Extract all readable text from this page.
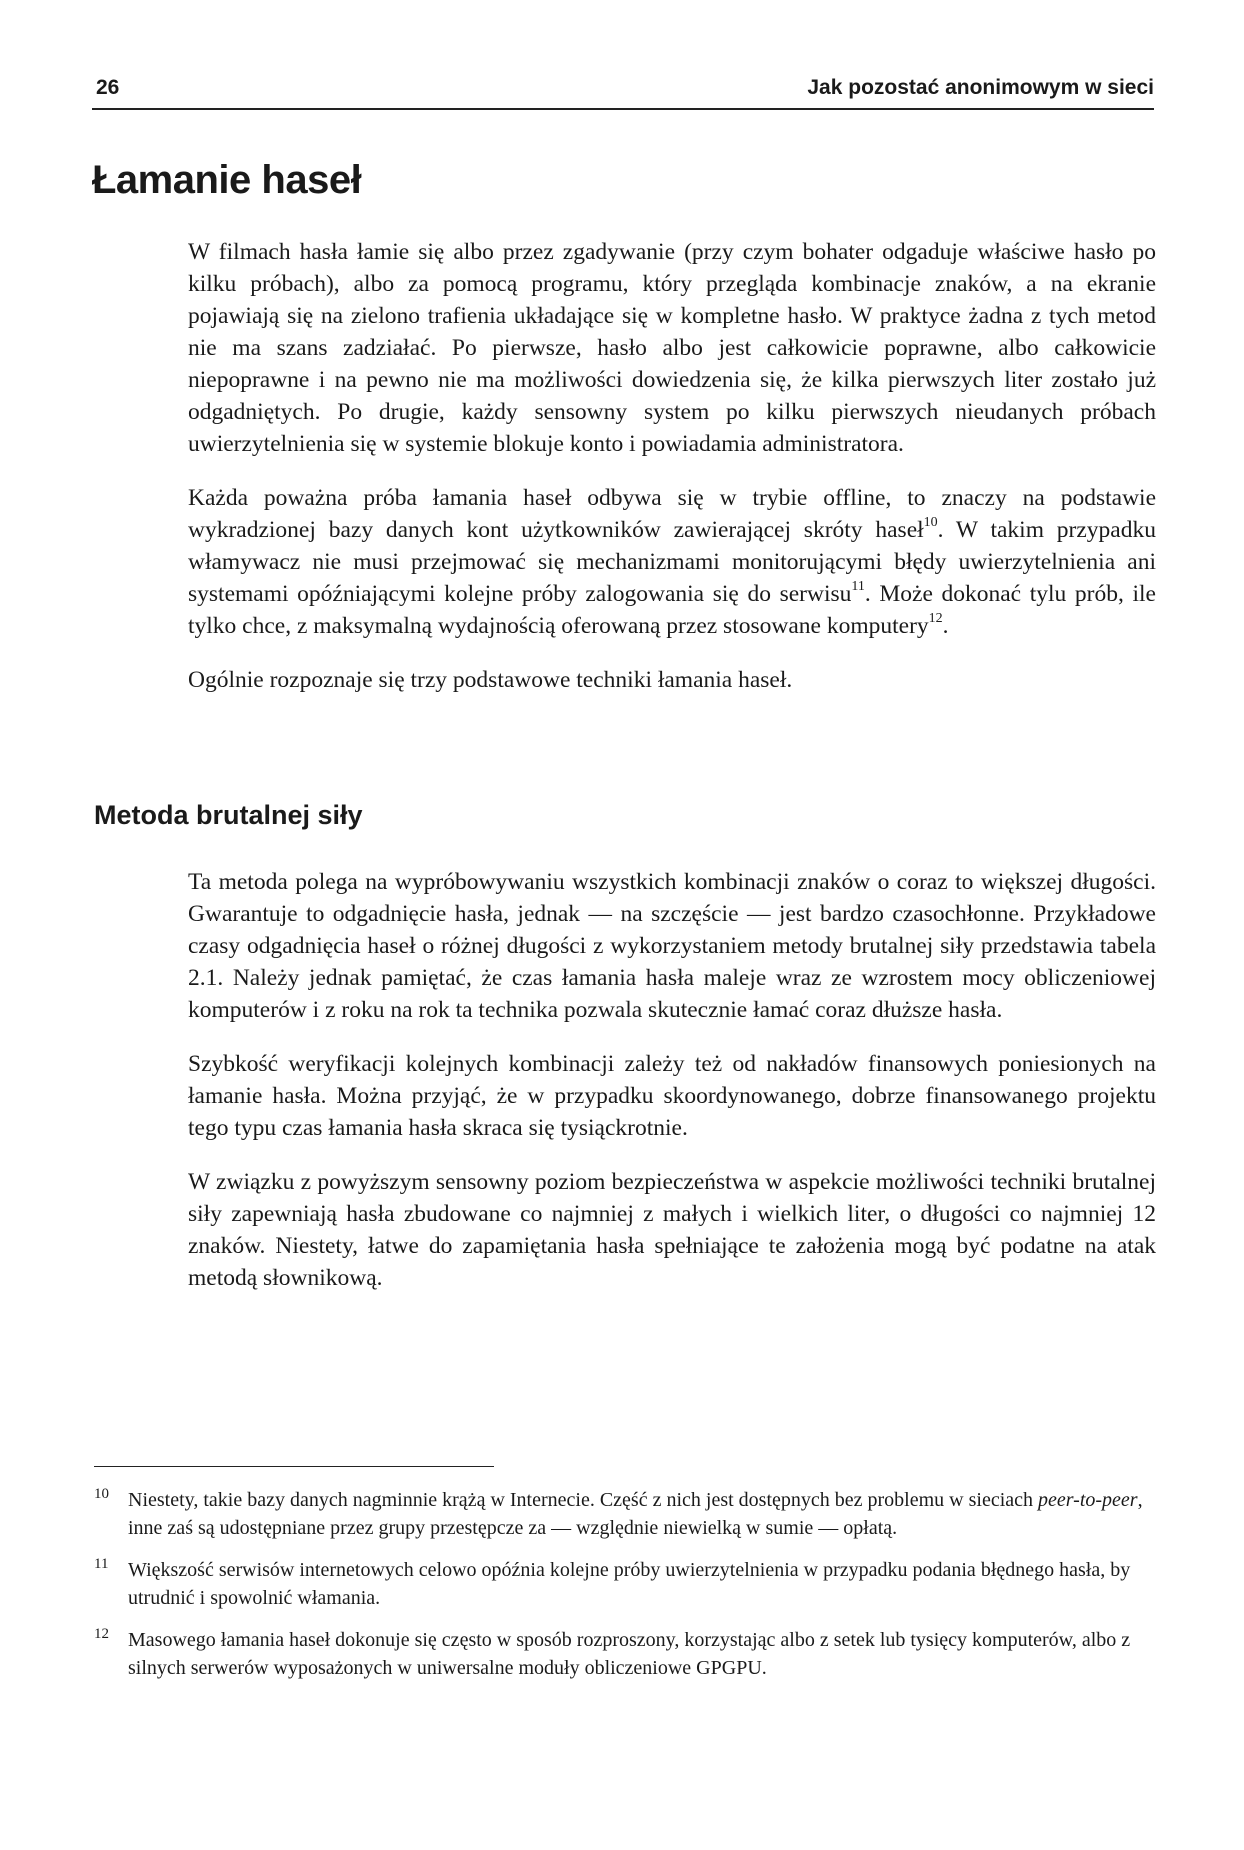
26	Jak pozostać anonimowym w sieci
Łamanie haseł

W filmach hasła łamie się albo przez zgadywanie (przy czym bohater odgaduje właściwe hasło po kilku próbach), albo za pomocą programu, który przegląda kombinacje znaków, a na ekranie pojawiają się na zielono trafienia układające się w kompletne hasło. W praktyce żadna z tych metod nie ma szans zadziałać. Po pierwsze, hasło albo jest całkowicie poprawne, albo całkowicie niepoprawne i na pewno nie ma możliwości dowiedzenia się, że kilka pierwszych liter zostało już odgadniętych. Po drugie, każdy sensowny system po kilku pierwszych nieudanych próbach uwierzytelnienia się w systemie blokuje konto i powiadamia administratora.

Każda poważna próba łamania haseł odbywa się w trybie offline, to znaczy na podstawie wykradzionej bazy danych kont użytkowników zawierającej skróty haseł$^{10}$. W takim przypadku włamywacz nie musi przejmować się mechanizmami monitorującymi błędy uwierzytelnienia ani systemami opóźniającymi kolejne próby zalogowania się do serwisu$^{11}$. Może dokonać tylu prób, ile tylko chce, z maksymalną wydajnością oferowaną przez stosowane komputery$^{12}$.

Ogólnie rozpoznaje się trzy podstawowe techniki łamania haseł.

Metoda brutalnej siły

Ta metoda polega na wypróbowywaniu wszystkich kombinacji znaków o coraz to większej długości. Gwarantuje to odgadnięcie hasła, jednak — na szczęście — jest bardzo czasochłonne. Przykładowe czasy odgadnięcia haseł o różnej długości z wykorzystaniem metody brutalnej siły przedstawia tabela 2.1. Należy jednak pamiętać, że czas łamania hasła maleje wraz ze wzrostem mocy obliczeniowej komputerów i z roku na rok ta technika pozwala skutecznie łamać coraz dłuższe hasła.

Szybkość weryfikacji kolejnych kombinacji zależy też od nakładów finansowych poniesionych na łamanie hasła. Można przyjąć, że w przypadku skoordynowanego, dobrze finansowanego projektu tego typu czas łamania hasła skraca się tysiąckrotnie.

W związku z powyższym sensowny poziom bezpieczeństwa w aspekcie możliwości techniki brutalnej siły zapewniają hasła zbudowane co najmniej z małych i wielkich liter, o długości co najmniej 12 znaków. Niestety, łatwe do zapamiętania hasła spełniające te założenia mogą być podatne na atak metodą słownikową.

10 Niestety, takie bazy danych nagminnie krążą w Internecie. Część z nich jest dostępnych bez problemu w sieciach peer-to-peer, inne zaś są udostępniane przez grupy przestępcze za — względnie niewielką w sumie — opłatą.
11 Większość serwisów internetowych celowo opóźnia kolejne próby uwierzytelnienia w przypadku podania błędnego hasła, by utrudnić i spowolnić włamania.
12 Masowego łamania haseł dokonuje się często w sposób rozproszony, korzystając albo z setek lub tysięcy komputerów, albo z silnych serwerów wyposażonych w uniwersalne moduły obliczeniowe GPGPU.
